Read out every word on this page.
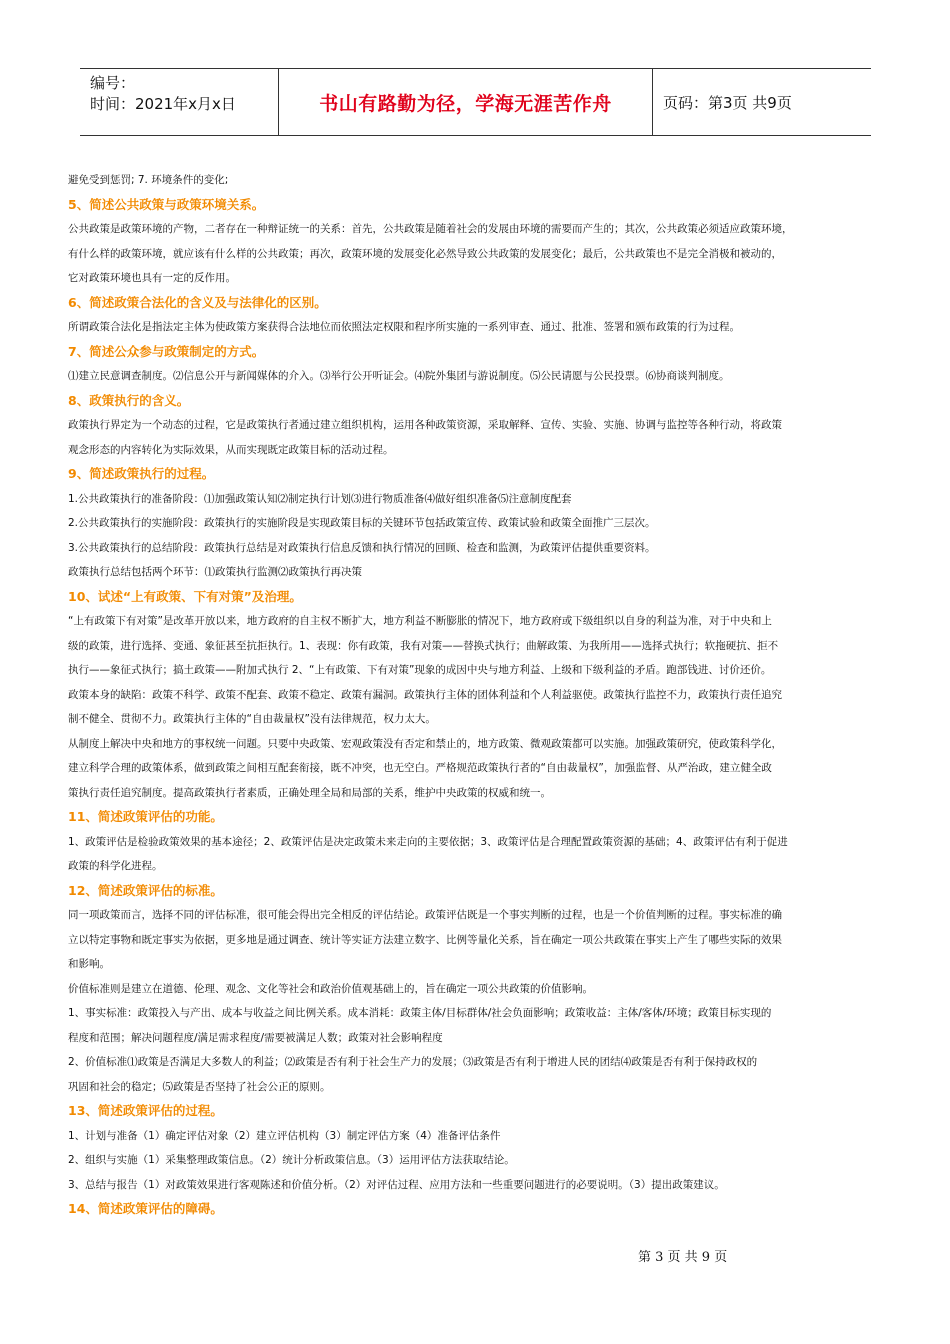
编号：
时间：2021年x月x日	书山有路勤为径，学海无涯苦作舟	页码：第3页 共9页
避免受到惩罚; 7. 环境条件的变化;
5、简述公共政策与政策环境关系。
公共政策是政策环境的产物，二者存在一种辩证统一的关系：首先，公共政策是随着社会的发展由环境的需要而产生的；其次，公共政策必须适应政策环境，
有什么样的政策环境，就应该有什么样的公共政策；再次，政策环境的发展变化必然导致公共政策的发展变化；最后，公共政策也不是完全消极和被动的，
它对政策环境也具有一定的反作用。
6、简述政策合法化的含义及与法律化的区别。
所谓政策合法化是指法定主体为使政策方案获得合法地位而依照法定权限和程序所实施的一系列审查、通过、批准、签署和颁布政策的行为过程。
7、简述公众参与政策制定的方式。
⑴建立民意调查制度。⑵信息公开与新闻媒体的介入。⑶举行公开听证会。⑷院外集团与游说制度。⑸公民请愿与公民投票。⑹协商谈判制度。
8、政策执行的含义。
政策执行界定为一个动态的过程，它是政策执行者通过建立组织机构，运用各种政策资源，采取解释、宣传、实验、实施、协调与监控等各种行动，将政策
观念形态的内容转化为实际效果，从而实现既定政策目标的活动过程。
9、简述政策执行的过程。
1.公共政策执行的准备阶段：⑴加强政策认知⑵制定执行计划⑶进行物质准备⑷做好组织准备⑸注意制度配套
2.公共政策执行的实施阶段：政策执行的实施阶段是实现政策目标的关键环节包括政策宣传、政策试验和政策全面推广三层次。
3.公共政策执行的总结阶段：政策执行总结是对政策执行信息反馈和执行情况的回顾、检查和监测，为政策评估提供重要资料。
政策执行总结包括两个环节：⑴政策执行监测⑵政策执行再决策
10、试述“上有政策、下有对策”及治理。
“上有政策下有对策”是改革开放以来，地方政府的自主权不断扩大，地方利益不断膨胀的情况下，地方政府或下级组织以自身的利益为准，对于中央和上
级的政策，进行选择、变通、象征甚至抗拒执行。1、表现：你有政策，我有对策——替换式执行；曲解政策、为我所用——选择式执行；软拖硬抗、拒不
执行——象征式执行；搞土政策——附加式执行 2、“上有政策、下有对策”现象的成因中央与地方利益、上级和下级利益的矛盾。跑部钱进、讨价还价。
政策本身的缺陷：政策不科学、政策不配套、政策不稳定、政策有漏洞。政策执行主体的团体利益和个人利益驱使。政策执行监控不力，政策执行责任追究
制不健全、贯彻不力。政策执行主体的“自由裁量权”没有法律规范，权力太大。
从制度上解决中央和地方的事权统一问题。只要中央政策、宏观政策没有否定和禁止的，地方政策、微观政策都可以实施。加强政策研究，使政策科学化，
建立科学合理的政策体系，做到政策之间相互配套衔接，既不冲突，也无空白。严格规范政策执行者的“自由裁量权”，加强监督、从严治政，建立健全政
策执行责任追究制度。提高政策执行者素质，正确处理全局和局部的关系，维护中央政策的权威和统一。
11、简述政策评估的功能。
1、政策评估是检验政策效果的基本途径；2、政策评估是决定政策未来走向的主要依据；3、政策评估是合理配置政策资源的基础；4、政策评估有利于促进
政策的科学化进程。
12、简述政策评估的标准。
同一项政策而言，选择不同的评估标准，很可能会得出完全相反的评估结论。政策评估既是一个事实判断的过程，也是一个价值判断的过程。事实标准的确
立以特定事物和既定事实为依据，更多地是通过调查、统计等实证方法建立数字、比例等量化关系，旨在确定一项公共政策在事实上产生了哪些实际的效果
和影响。
价值标准则是建立在道德、伦理、观念、文化等社会和政治价值观基础上的，旨在确定一项公共政策的价值影响。
1、事实标准：政策投入与产出、成本与收益之间比例关系。成本消耗：政策主体/目标群体/社会负面影响；政策收益：主体/客体/环境；政策目标实现的
程度和范围；解决问题程度/满足需求程度/需要被满足人数；政策对社会影响程度
2、价值标准⑴政策是否满足大多数人的利益；⑵政策是否有利于社会生产力的发展；⑶政策是否有利于增进人民的团结⑷政策是否有利于保持政权的
巩固和社会的稳定；⑸政策是否坚持了社会公正的原则。
13、简述政策评估的过程。
1、计划与准备（1）确定评估对象（2）建立评估机构（3）制定评估方案（4）准备评估条件
2、组织与实施（1）采集整理政策信息。（2）统计分析政策信息。（3）运用评估方法获取结论。
3、总结与报告（1）对政策效果进行客观陈述和价值分析。（2）对评估过程、应用方法和一些重要问题进行的必要说明。（3）提出政策建议。
14、简述政策评估的障碍。
第 3 页 共 9 页
